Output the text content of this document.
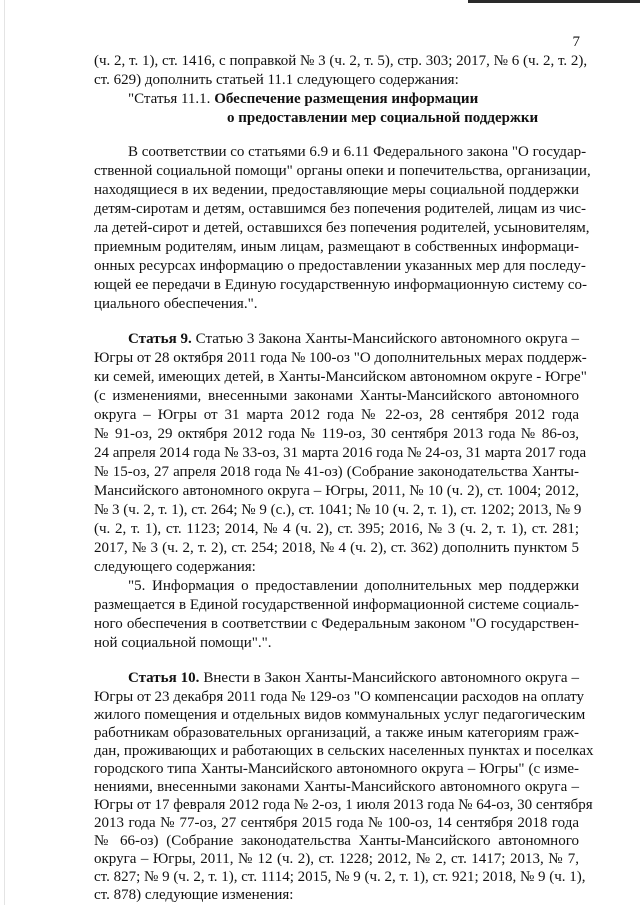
7
(ч. 2, т. 1), ст. 1416, с поправкой № 3 (ч. 2, т. 5), стр. 303; 2017, № 6 (ч. 2, т. 2),
ст. 629) дополнить статьей 11.1 следующего содержания:
"Статья 11.1. Обеспечение размещения информации
о предоставлении мер социальной поддержки
В соответствии со статьями 6.9 и 6.11 Федерального закона "О государ-
ственной социальной помощи" органы опеки и попечительства, организации,
находящиеся в их ведении, предоставляющие меры социальной поддержки
детям-сиротам и детям, оставшимся без попечения родителей, лицам из чис-
ла детей-сирот и детей, оставшихся без попечения родителей, усыновителям,
приемным родителям, иным лицам, размещают в собственных информаци-
онных ресурсах информацию о предоставлении указанных мер для последу-
ющей ее передачи в Единую государственную информационную систему со-
циального обеспечения.".
Статья 9. Статью 3 Закона Ханты-Мансийского автономного округа –
Югры от 28 октября 2011 года № 100-оз "О дополнительных мерах поддерж-
ки семей, имеющих детей, в Ханты-Мансийском автономном округе - Югре"
(с изменениями, внесенными законами Ханты-Мансийского автономного
округа – Югры от 31 марта 2012 года № 22-оз, 28 сентября 2012 года
№ 91-оз, 29 октября 2012 года № 119-оз, 30 сентября 2013 года № 86-оз,
24 апреля 2014 года № 33-оз, 31 марта 2016 года № 24-оз, 31 марта 2017 года
№ 15-оз, 27 апреля 2018 года № 41-оз) (Собрание законодательства Ханты-
Мансийского автономного округа – Югры, 2011, № 10 (ч. 2), ст. 1004; 2012,
№ 3 (ч. 2, т. 1), ст. 264; № 9 (с.), ст. 1041; № 10 (ч. 2, т. 1), ст. 1202; 2013, № 9
(ч. 2, т. 1), ст. 1123; 2014, № 4 (ч. 2), ст. 395; 2016, № 3 (ч. 2, т. 1), ст. 281;
2017, № 3 (ч. 2, т. 2), ст. 254; 2018, № 4 (ч. 2), ст. 362) дополнить пунктом 5
следующего содержания:
"5. Информация о предоставлении дополнительных мер поддержки
размещается в Единой государственной информационной системе социаль-
ного обеспечения в соответствии с Федеральным законом "О государствен-
ной социальной помощи".".
Статья 10. Внести в Закон Ханты-Мансийского автономного округа –
Югры от 23 декабря 2011 года № 129-оз "О компенсации расходов на оплату
жилого помещения и отдельных видов коммунальных услуг педагогическим
работникам образовательных организаций, а также иным категориям граж-
дан, проживающих и работающих в сельских населенных пунктах и поселках
городского типа Ханты-Мансийского автономного округа – Югры" (с изме-
нениями, внесенными законами Ханты-Мансийского автономного округа –
Югры от 17 февраля 2012 года № 2-оз, 1 июля 2013 года № 64-оз, 30 сентября
2013 года № 77-оз, 27 сентября 2015 года № 100-оз, 14 сентября 2018 года
№ 66-оз) (Собрание законодательства Ханты-Мансийского автономного
округа – Югры, 2011, № 12 (ч. 2), ст. 1228; 2012, № 2, ст. 1417; 2013, № 7,
ст. 827; № 9 (ч. 2, т. 1), ст. 1114; 2015, № 9 (ч. 2, т. 1), ст. 921; 2018, № 9 (ч. 1),
ст. 878) следующие изменения:
